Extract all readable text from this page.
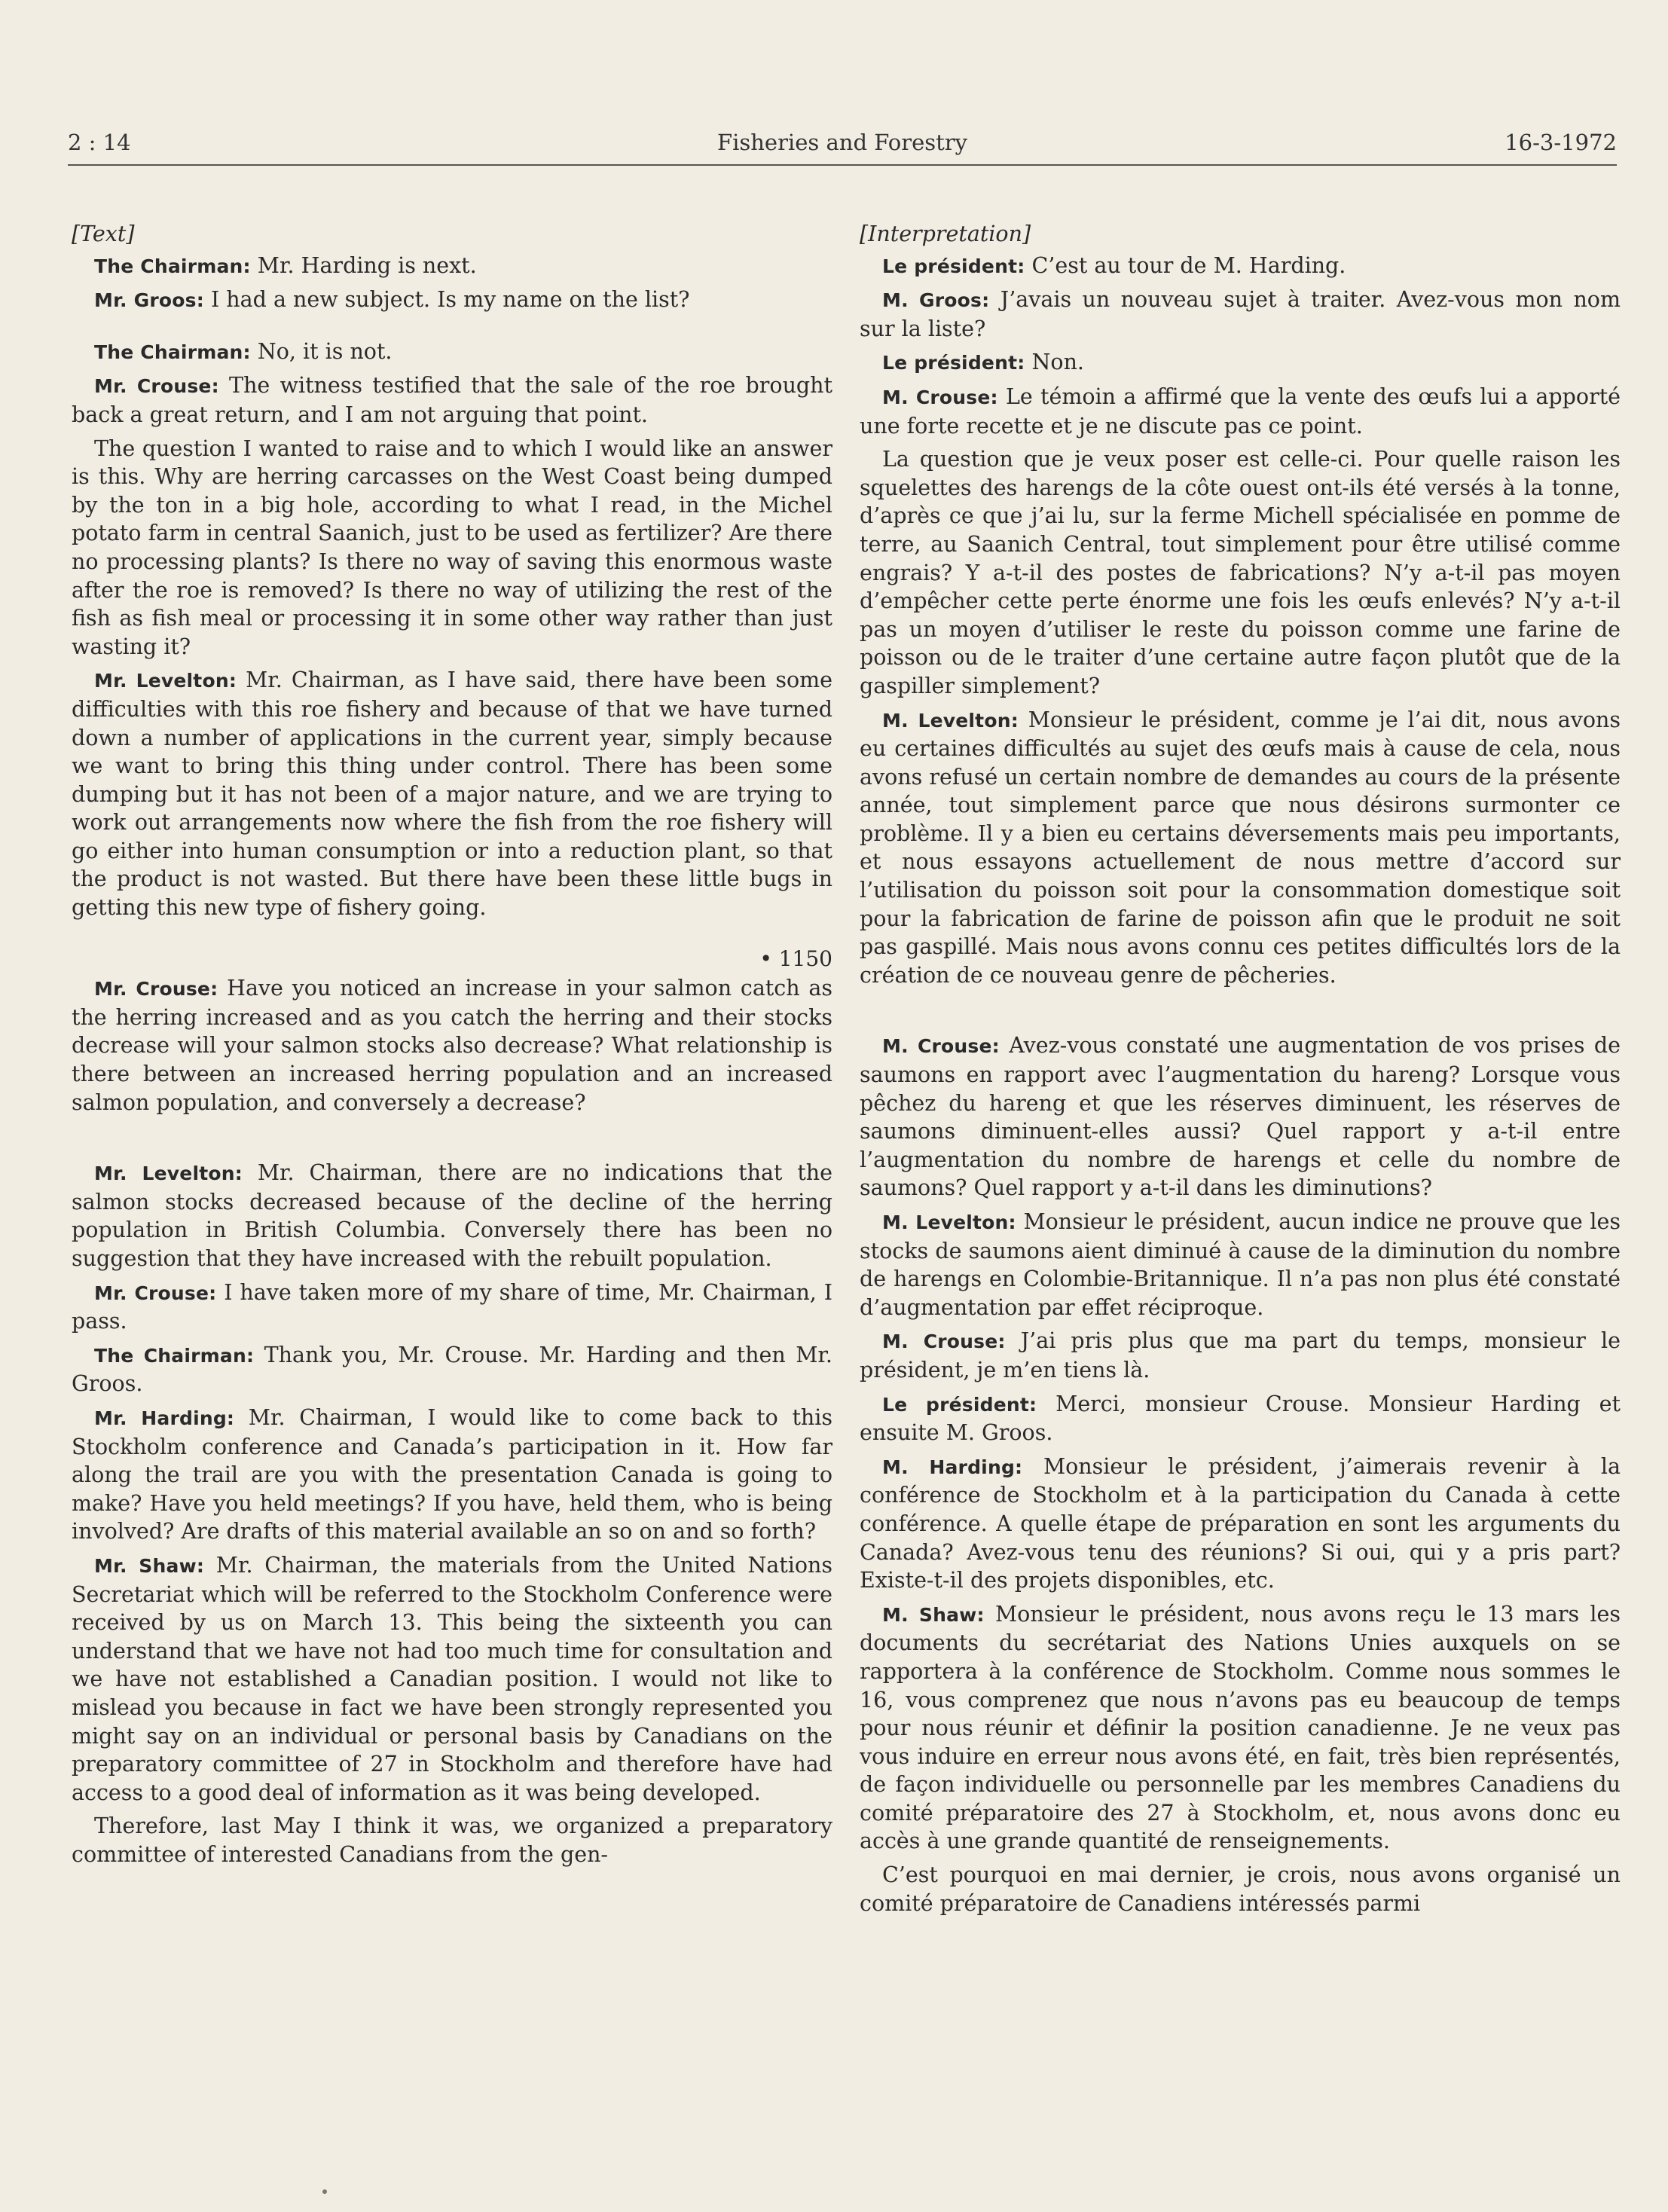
Fisheries and Forestry
2 : 14	16-3-1972

[Text]

The Chairman: Mr. Harding is next.

Mr. Groos: I had a new subject. Is my name on the list?

The Chairman: No, it is not.

Mr. Crouse: The witness testified that the sale of the roe brought back a great return, and I am not arguing that point.

The question I wanted to raise and to which I would like an answer is this. Why are herring carcasses on the West Coast being dumped by the ton in a big hole, according to what I read, in the Michel potato farm in central Saanich, just to be used as fertilizer? Are there no processing plants? Is there no way of saving this enormous waste after the roe is removed? Is there no way of utilizing the rest of the fish as fish meal or processing it in some other way rather than just wasting it?

Mr. Levelton: Mr. Chairman, as I have said, there have been some difficulties with this roe fishery and because of that we have turned down a number of applications in the current year, simply because we want to bring this thing under control. There has been some dumping but it has not been of a major nature, and we are trying to work out arrangements now where the fish from the roe fishery will go either into human consumption or into a reduction plant, so that the product is not wasted. But there have been these little bugs in getting this new type of fishery going.

• 1150

Mr. Crouse: Have you noticed an increase in your salmon catch as the herring increased and as you catch the herring and their stocks decrease will your salmon stocks also decrease? What relationship is there between an increased herring population and an increased salmon population, and conversely a decrease?

Mr. Levelton: Mr. Chairman, there are no indications that the salmon stocks decreased because of the decline of the herring population in British Columbia. Conversely there has been no suggestion that they have increased with the rebuilt population.

Mr. Crouse: I have taken more of my share of time, Mr. Chairman, I pass.

The Chairman: Thank you, Mr. Crouse. Mr. Harding and then Mr. Groos.

Mr. Harding: Mr. Chairman, I would like to come back to this Stockholm conference and Canada’s participation in it. How far along the trail are you with the presentation Canada is going to make? Have you held meetings? If you have, held them, who is being involved? Are drafts of this material available an so on and so forth?

Mr. Shaw: Mr. Chairman, the materials from the United Nations Secretariat which will be referred to the Stockholm Conference were received by us on March 13. This being the sixteenth you can understand that we have not had too much time for consultation and we have not established a Canadian position. I would not like to mislead you because in fact we have been strongly represented you might say on an individual or personal basis by Canadians on the preparatory committee of 27 in Stockholm and therefore have had access to a good deal of information as it was being developed.

Therefore, last May I think it was, we organized a preparatory committee of interested Canadians from the gen-

[Interpretation]

Le président: C’est au tour de M. Harding.

M. Groos: J’avais un nouveau sujet à traiter. Avez-vous mon nom sur la liste?

Le président: Non.

M. Crouse: Le témoin a affirmé que la vente des œufs lui a apporté une forte recette et je ne discute pas ce point.

La question que je veux poser est celle-ci. Pour quelle raison les squelettes des harengs de la côte ouest ont-ils été versés à la tonne, d’après ce que j’ai lu, sur la ferme Michell spécialisée en pomme de terre, au Saanich Central, tout simplement pour être utilisé comme engrais? Y a-t-il des postes de fabrications? N’y a-t-il pas moyen d’empêcher cette perte énorme une fois les œufs enlevés? N’y a-t-il pas un moyen d’utiliser le reste du poisson comme une farine de poisson ou de le traiter d’une certaine autre façon plutôt que de la gaspiller simplement?

M. Levelton: Monsieur le président, comme je l’ai dit, nous avons eu certaines difficultés au sujet des œufs mais à cause de cela, nous avons refusé un certain nombre de demandes au cours de la présente année, tout simplement parce que nous désirons surmonter ce problème. Il y a bien eu certains déversements mais peu importants, et nous essayons actuellement de nous mettre d’accord sur l’utilisation du poisson soit pour la consommation domestique soit pour la fabrication de farine de poisson afin que le produit ne soit pas gaspillé. Mais nous avons connu ces petites difficultés lors de la création de ce nouveau genre de pêcheries.

M. Crouse: Avez-vous constaté une augmentation de vos prises de saumons en rapport avec l’augmentation du hareng? Lorsque vous pêchez du hareng et que les réserves diminuent, les réserves de saumons diminuent-elles aussi? Quel rapport y a-t-il entre l’augmentation du nombre de harengs et celle du nombre de saumons? Quel rapport y a-t-il dans les diminutions?

M. Levelton: Monsieur le président, aucun indice ne prouve que les stocks de saumons aient diminué à cause de la diminution du nombre de harengs en Colombie-Britannique. Il n’a pas non plus été constaté d’augmentation par effet réciproque.

M. Crouse: J’ai pris plus que ma part du temps, monsieur le président, je m’en tiens là.

Le président: Merci, monsieur Crouse. Monsieur Harding et ensuite M. Groos.

M. Harding: Monsieur le président, j’aimerais revenir à la conférence de Stockholm et à la participation du Canada à cette conférence. A quelle étape de préparation en sont les arguments du Canada? Avez-vous tenu des réunions? Si oui, qui y a pris part? Existe-t-il des projets disponibles, etc.

M. Shaw: Monsieur le président, nous avons reçu le 13 mars les documents du secrétariat des Nations Unies auxquels on se rapportera à la conférence de Stockholm. Comme nous sommes le 16, vous comprenez que nous n’avons pas eu beaucoup de temps pour nous réunir et définir la position canadienne. Je ne veux pas vous induire en erreur nous avons été, en fait, très bien représentés, de façon individuelle ou personnelle par les membres Canadiens du comité préparatoire des 27 à Stockholm, et, nous avons donc eu accès à une grande quantité de renseignements.

C’est pourquoi en mai dernier, je crois, nous avons organisé un comité préparatoire de Canadiens intéressés parmi
